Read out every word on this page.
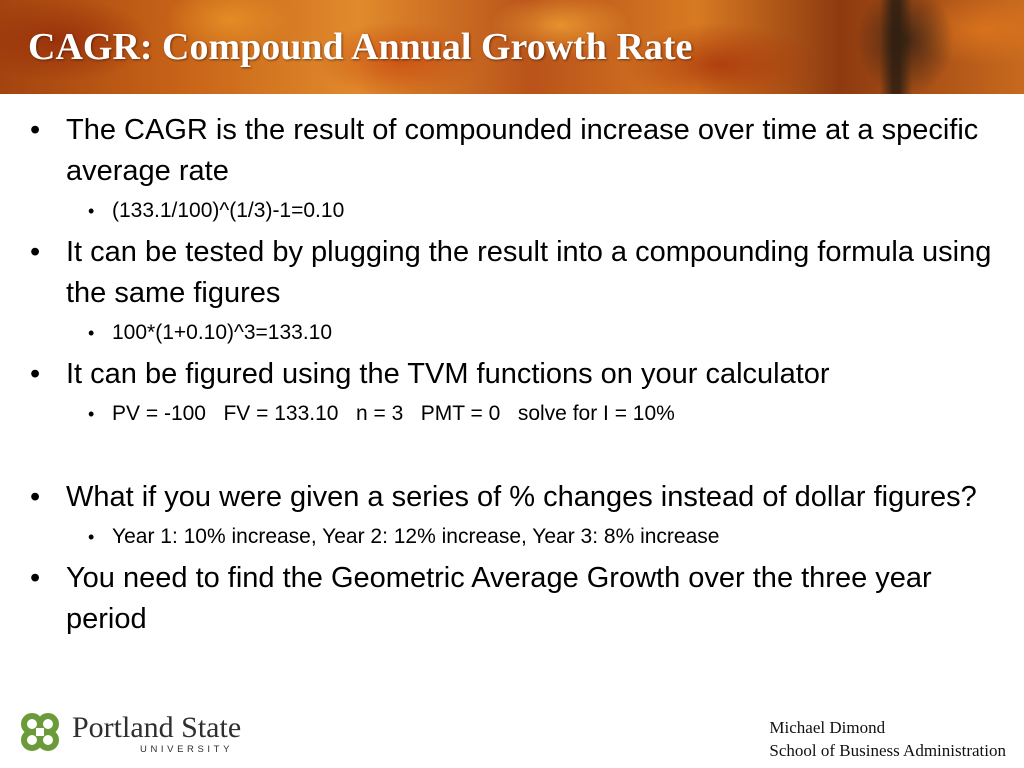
CAGR: Compound Annual Growth Rate
• The CAGR is the result of compounded increase over time at a specific average rate
• (133.1/100)^(1/3)-1=0.10
• It can be tested by plugging the result into a compounding formula using the same figures
• 100*(1+0.10)^3=133.10
• It can be figured using the TVM functions on your calculator
• PV = -100   FV = 133.10   n = 3   PMT = 0   solve for I = 10%
• What if you were given a series of % changes instead of dollar figures?
• Year 1: 10% increase, Year 2: 12% increase, Year 3: 8% increase
• You need to find the Geometric Average Growth over the three year period
Portland State
UNIVERSITY
Michael Dimond
School of Business Administration
